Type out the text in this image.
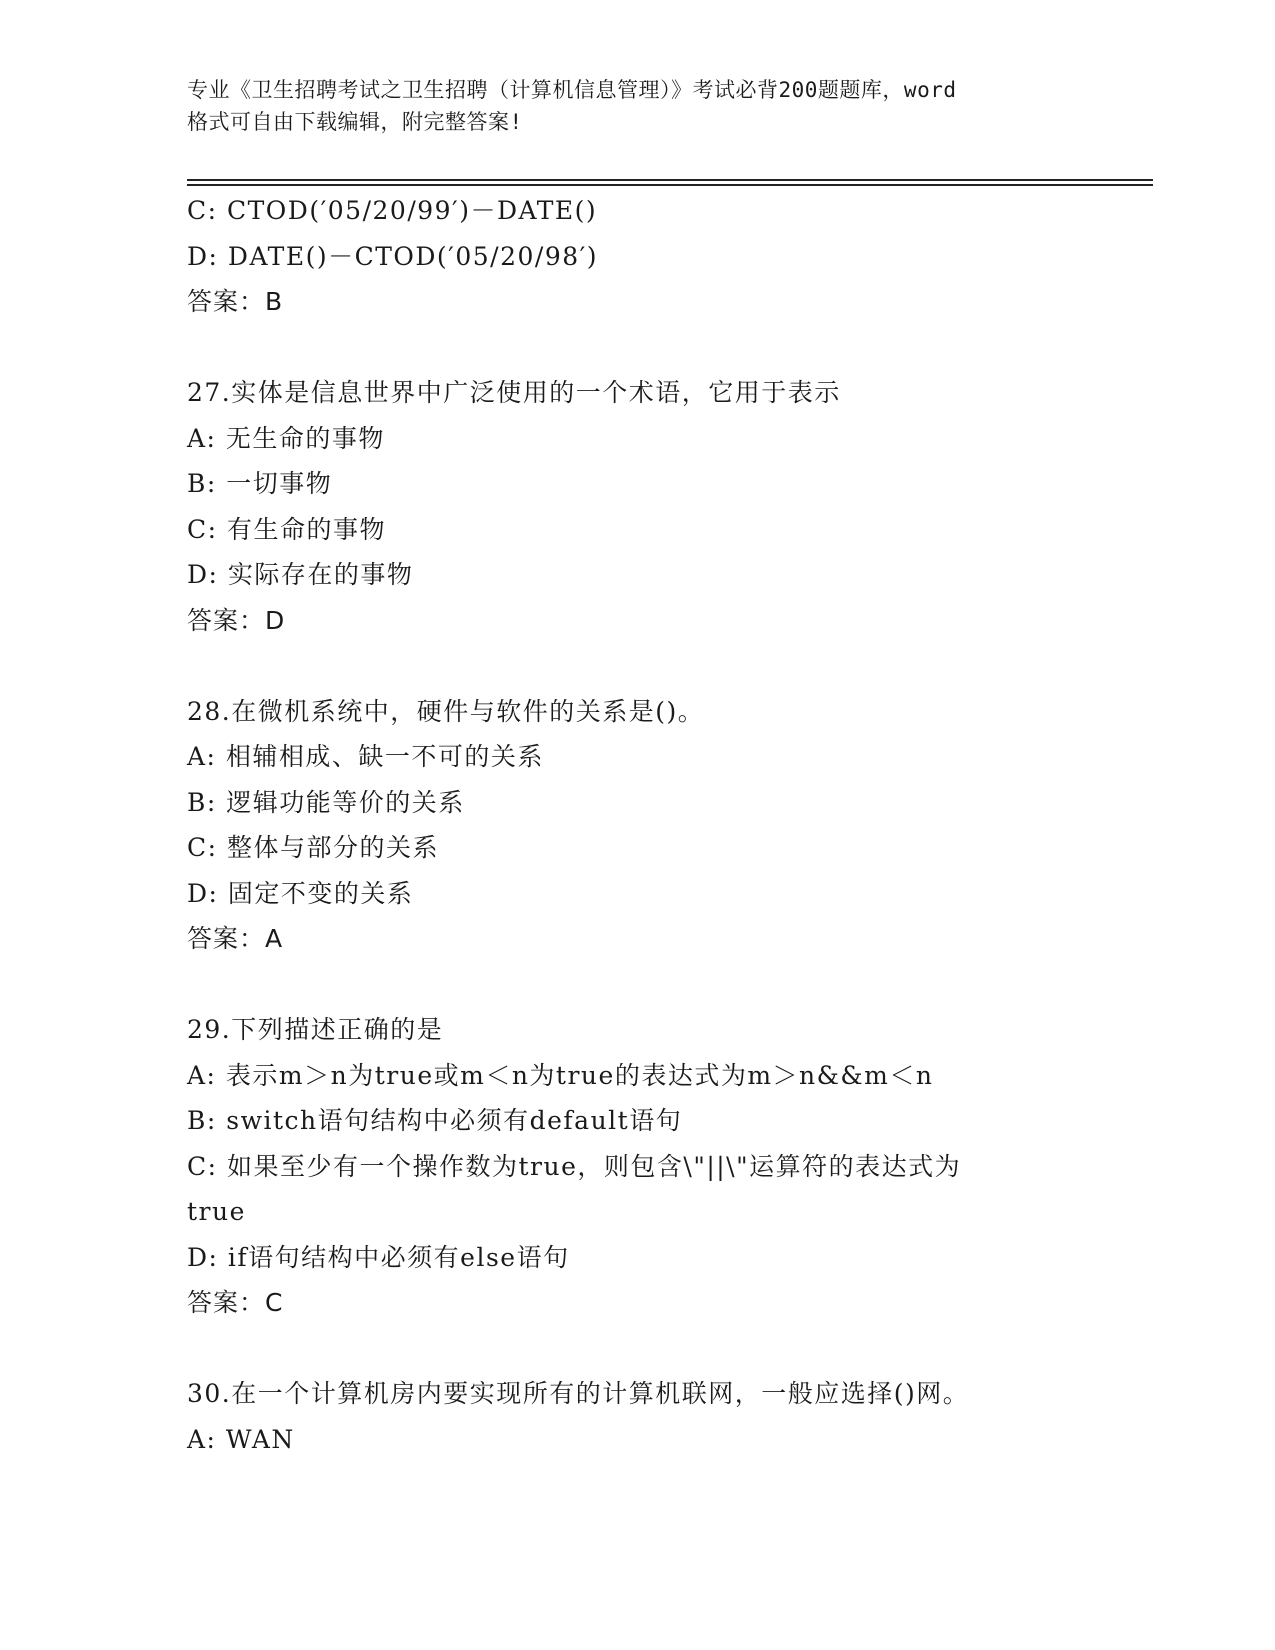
专业《卫生招聘考试之卫生招聘（计算机信息管理）》考试必背200题题库，word
格式可自由下载编辑，附完整答案!
C: CTOD(′05/20/99′)－DATE()
D: DATE()－CTOD(′05/20/98′)
答案：B
27.实体是信息世界中广泛使用的一个术语，它用于表示
A: 无生命的事物
B: 一切事物
C: 有生命的事物
D: 实际存在的事物
答案：D
28.在微机系统中，硬件与软件的关系是()。
A: 相辅相成、缺一不可的关系
B: 逻辑功能等价的关系
C: 整体与部分的关系
D: 固定不变的关系
答案：A
29.下列描述正确的是
A: 表示m＞n为true或m＜n为true的表达式为m＞n&&m＜n
B: switch语句结构中必须有default语句
C: 如果至少有一个操作数为true，则包含\"||\"运算符的表达式为
true
D: if语句结构中必须有else语句
答案：C
30.在一个计算机房内要实现所有的计算机联网，一般应选择()网。
A: WAN
